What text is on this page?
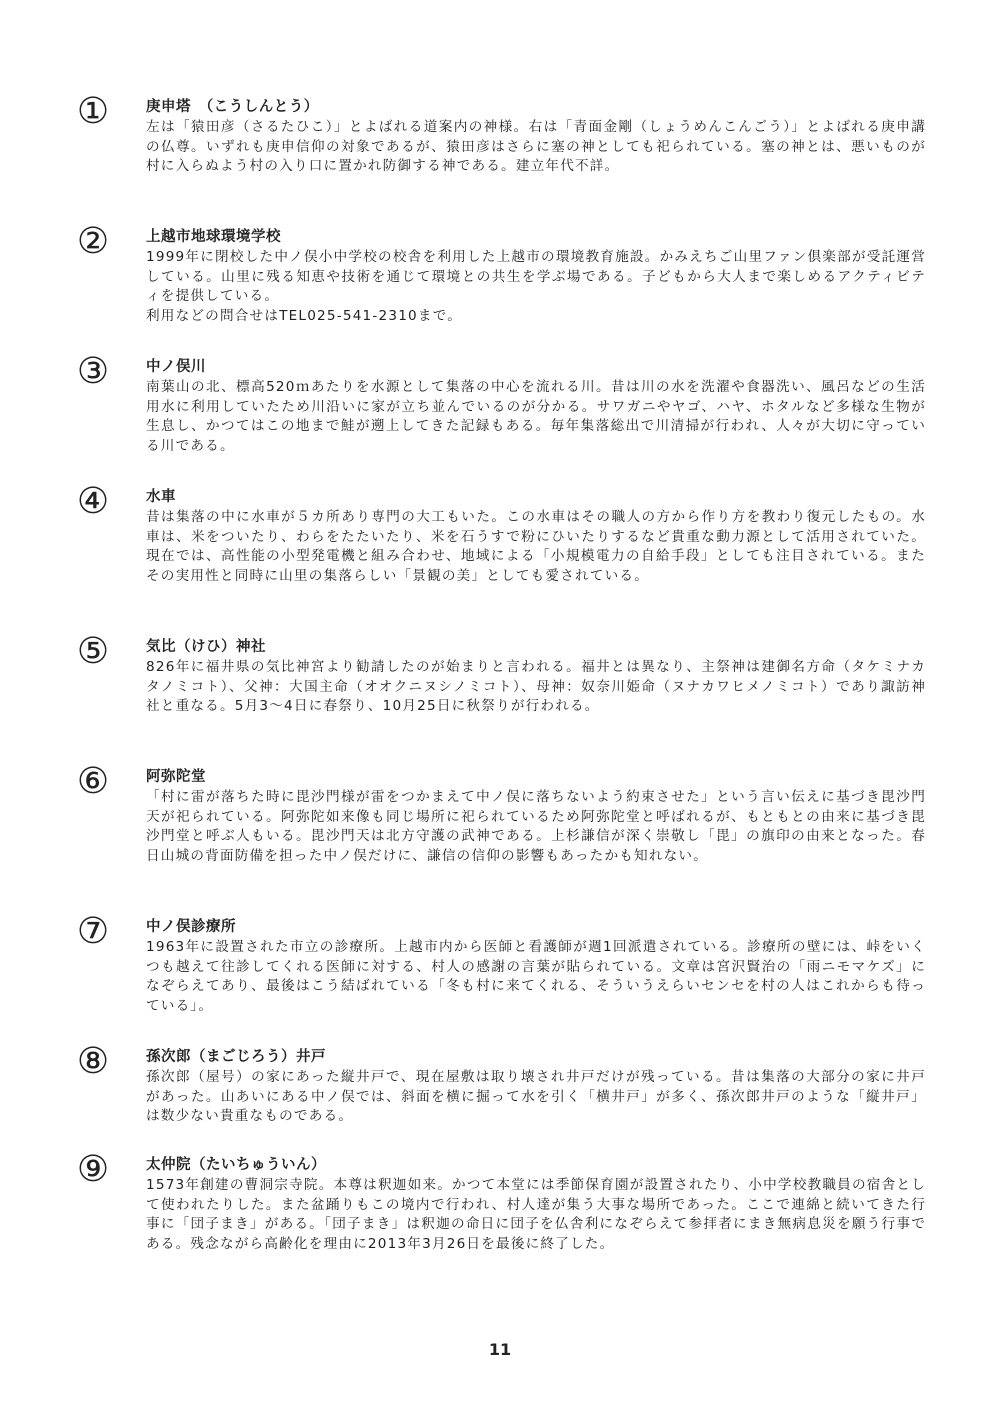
①	庚申塔　（こうしんとう）

左は「猿田彦（さるたひこ）」とよばれる道案内の神様。右は「青面金剛（しょうめんこんごう）」とよばれる庚申講の仏尊。いずれも庚申信仰の対象であるが、猿田彦はさらに塞の神としても祀られている。塞の神とは、悪いものが村に入らぬよう村の入り口に置かれ防御する神である。建立年代不詳。

②	上越市地球環境学校

1999年に閉校した中ノ俣小中学校の校舎を利用した上越市の環境教育施設。かみえちご山里ファン倶楽部が受託運営している。山里に残る知恵や技術を通じて環境との共生を学ぶ場である。子どもから大人まで楽しめるアクティビティを提供している。

利用などの問合せはTEL025-541-2310まで。

③	中ノ俣川

南葉山の北、標高520ｍあたりを水源として集落の中心を流れる川。昔は川の水を洗濯や食器洗い、風呂などの生活用水に利用していたため川沿いに家が立ち並んでいるのが分かる。サワガニやヤゴ、ハヤ、ホタルなど多様な生物が生息し、かつてはこの地まで鮭が遡上してきた記録もある。毎年集落総出で川清掃が行われ、人々が大切に守っている川である。

④	水車

昔は集落の中に水車が５カ所あり専門の大工もいた。この水車はその職人の方から作り方を教わり復元したもの。水車は、米をついたり、わらをたたいたり、米を石うすで粉にひいたりするなど貴重な動力源として活用されていた。現在では、高性能の小型発電機と組み合わせ、地域による「小規模電力の自給手段」としても注目されている。またその実用性と同時に山里の集落らしい「景観の美」としても愛されている。

⑤	気比（けひ）神社

826年に福井県の気比神宮より勧請したのが始まりと言われる。福井とは異なり、主祭神は建御名方命（タケミナカタノミコト）、父神：大国主命（オオクニヌシノミコト）、母神：奴奈川姫命（ヌナカワヒメノミコト）であり諏訪神社と重なる。5月3～4日に春祭り、10月25日に秋祭りが行われる。

⑥	阿弥陀堂

「村に雷が落ちた時に毘沙門様が雷をつかまえて中ノ俣に落ちないよう約束させた」という言い伝えに基づき毘沙門天が祀られている。阿弥陀如来像も同じ場所に祀られているため阿弥陀堂と呼ばれるが、もともとの由来に基づき毘沙門堂と呼ぶ人もいる。毘沙門天は北方守護の武神である。上杉謙信が深く崇敬し「毘」の旗印の由来となった。春日山城の背面防備を担った中ノ俣だけに、謙信の信仰の影響もあったかも知れない。

⑦	中ノ俣診療所

1963年に設置された市立の診療所。上越市内から医師と看護師が週1回派遣されている。診療所の壁には、峠をいくつも越えて往診してくれる医師に対する、村人の感謝の言葉が貼られている。文章は宮沢賢治の「雨ニモマケズ」になぞらえてあり、最後はこう結ばれている「冬も村に来てくれる、そういうえらいセンセを村の人はこれからも待っている」。

⑧	孫次郎（まごじろう）井戸

孫次郎（屋号）の家にあった縦井戸で、現在屋敷は取り壊され井戸だけが残っている。昔は集落の大部分の家に井戸があった。山あいにある中ノ俣では、斜面を横に掘って水を引く「横井戸」が多く、孫次郎井戸のような「縦井戸」は数少ない貴重なものである。

⑨	太仲院（たいちゅういん）

1573年創建の曹洞宗寺院。本尊は釈迦如来。かつて本堂には季節保育園が設置されたり、小中学校教職員の宿舎として使われたりした。また盆踊りもこの境内で行われ、村人達が集う大事な場所であった。ここで連綿と続いてきた行事に「団子まき」がある。「団子まき」は釈迦の命日に団子を仏舎利になぞらえて参拝者にまき無病息災を願う行事である。残念ながら高齢化を理由に2013年3月26日を最後に終了した。

11
